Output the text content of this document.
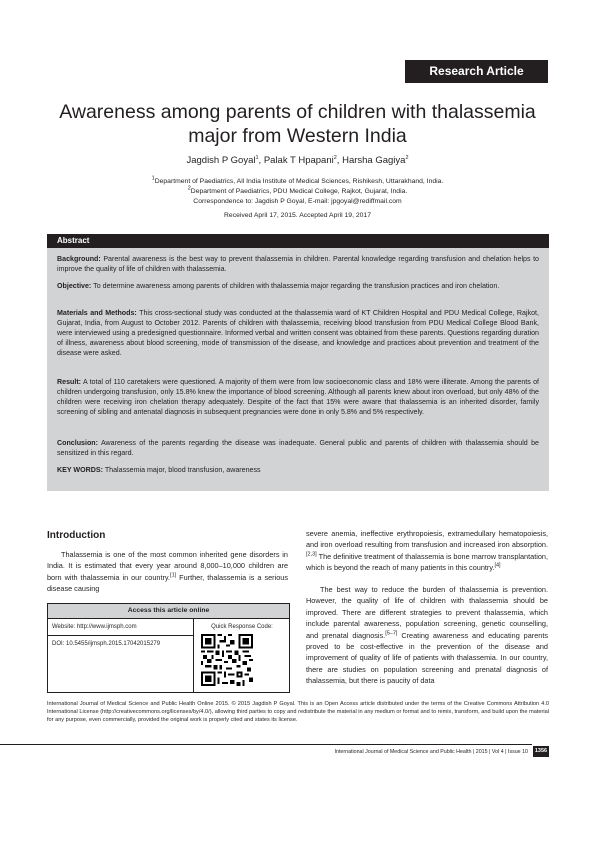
Research Article
Awareness among parents of children with thalassemia major from Western India
Jagdish P Goyal$^1$, Palak T Hpapani$^2$, Harsha Gagiya$^2$
$^1$Department of Paediatrics, All India Institute of Medical Sciences, Rishikesh, Uttarakhand, India.
$^2$Department of Paediatrics, PDU Medical College, Rajkot, Gujarat, India.
Correspondence to: Jagdish P Goyal, E-mail: jpgoyal@rediffmail.com
Received April 17, 2015. Accepted April 19, 2017
Abstract
Background: Parental awareness is the best way to prevent thalassemia in children. Parental knowledge regarding transfusion and chelation helps to improve the quality of life of children with thalassemia.
Objective: To determine awareness among parents of children with thalassemia major regarding the transfusion practices and iron chelation.
Materials and Methods: This cross-sectional study was conducted at the thalassemia ward of KT Children Hospital and PDU Medical College, Rajkot, Gujarat, India, from August to October 2012. Parents of children with thalassemia, receiving blood transfusion from PDU Medical College Blood Bank, were interviewed using a predesigned questionnaire. Informed verbal and written consent was obtained from these parents. Questions regarding duration of illness, awareness about blood screening, mode of transmission of the disease, and knowledge and practices about prevention and treatment of the disease were asked.
Result: A total of 110 caretakers were questioned. A majority of them were from low socioeconomic class and 18% were illiterate. Among the parents of children undergoing transfusion, only 15.8% knew the importance of blood screening. Although all parents knew about iron overload, but only 48% of the children were receiving iron chelation therapy adequately. Despite of the fact that 15% were aware that thalassemia is an inherited disorder, family screening of sibling and antenatal diagnosis in subsequent pregnancies were done in only 5.8% and 5% respectively.
Conclusion: Awareness of the parents regarding the disease was inadequate. General public and parents of children with thalassemia should be sensitized in this regard.
KEY WORDS: Thalassemia major, blood transfusion, awareness
Introduction
Thalassemia is one of the most common inherited gene disorders in India. It is estimated that every year around 8,000–10,000 children are born with thalassemia in our country.[1] Further, thalassemia is a serious disease causing
Access this article online
Website: http://www.ijmsph.com
DOI: 10.5455/ijmsph.2015.17042015279
Quick Response Code:
severe anemia, ineffective erythropoiesis, extramedullary hematopoiesis, and iron overload resulting from transfusion and increased iron absorption.[2,3] The definitive treatment of thalassemia is bone marrow transplantation, which is beyond the reach of many patients in this country.[4]
The best way to reduce the burden of thalassemia is prevention. However, the quality of life of children with thalassemia should be improved. There are different strategies to prevent thalassemia, which include parental awareness, population screening, genetic counselling, and prenatal diagnosis.[5–7] Creating awareness and educating parents proved to be cost-effective in the prevention of the disease and improvement of quality of life of patients with thalassemia. In our country, there are studies on population screening and prenatal diagnosis of thalassemia, but there is paucity of data
International Journal of Medical Science and Public Health Online 2015. © 2015 Jagdish P Goyal. This is an Open Access article distributed under the terms of the Creative Commons Attribution 4.0 International License (http://creativecommons.org/licenses/by/4.0/), allowing third parties to copy and redistribute the material in any medium or format and to remix, transform, and build upon the material for any purpose, even commercially, provided the original work is properly cited and states its license.
International Journal of Medical Science and Public Health | 2015 | Vol 4 | Issue 10	1356
